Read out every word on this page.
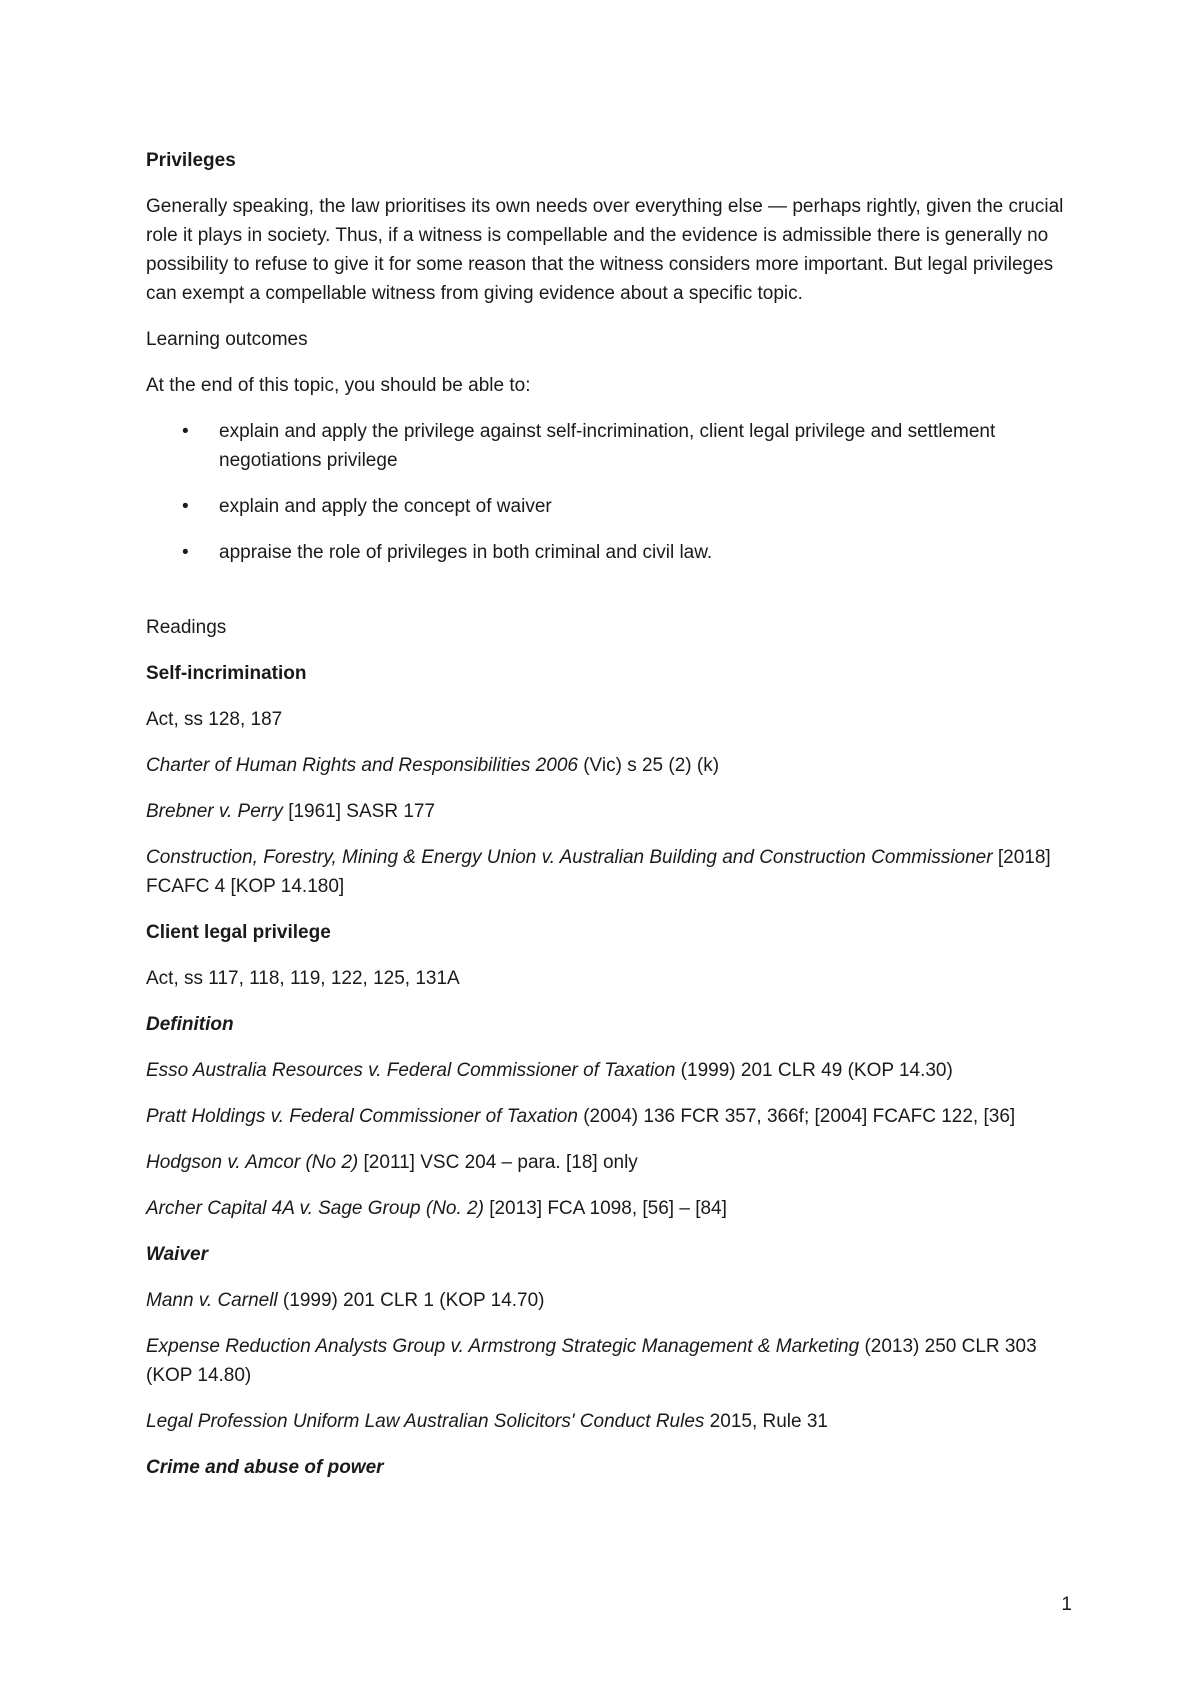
Privileges

Generally speaking, the law prioritises its own needs over everything else — perhaps rightly, given the crucial role it plays in society. Thus, if a witness is compellable and the evidence is admissible there is generally no possibility to refuse to give it for some reason that the witness considers more important. But legal privileges can exempt a compellable witness from giving evidence about a specific topic.

Learning outcomes

At the end of this topic, you should be able to:

• explain and apply the privilege against self-incrimination, client legal privilege and settlement negotiations privilege
• explain and apply the concept of waiver
• appraise the role of privileges in both criminal and civil law.

Readings

Self-incrimination

Act, ss 128, 187

Charter of Human Rights and Responsibilities 2006 (Vic) s 25 (2) (k)

Brebner v. Perry [1961] SASR 177

Construction, Forestry, Mining & Energy Union v. Australian Building and Construction Commissioner [2018] FCAFC 4 [KOP 14.180]

Client legal privilege

Act, ss 117, 118, 119, 122, 125, 131A

Definition

Esso Australia Resources v. Federal Commissioner of Taxation (1999) 201 CLR 49 (KOP 14.30)

Pratt Holdings v. Federal Commissioner of Taxation (2004) 136 FCR 357, 366f; [2004] FCAFC 122, [36]

Hodgson v. Amcor (No 2) [2011] VSC 204 – para. [18] only

Archer Capital 4A v. Sage Group (No. 2) [2013] FCA 1098, [56] – [84]

Waiver

Mann v. Carnell (1999) 201 CLR 1 (KOP 14.70)

Expense Reduction Analysts Group v. Armstrong Strategic Management & Marketing (2013) 250 CLR 303 (KOP 14.80)

Legal Profession Uniform Law Australian Solicitors' Conduct Rules 2015, Rule 31

Crime and abuse of power

1
